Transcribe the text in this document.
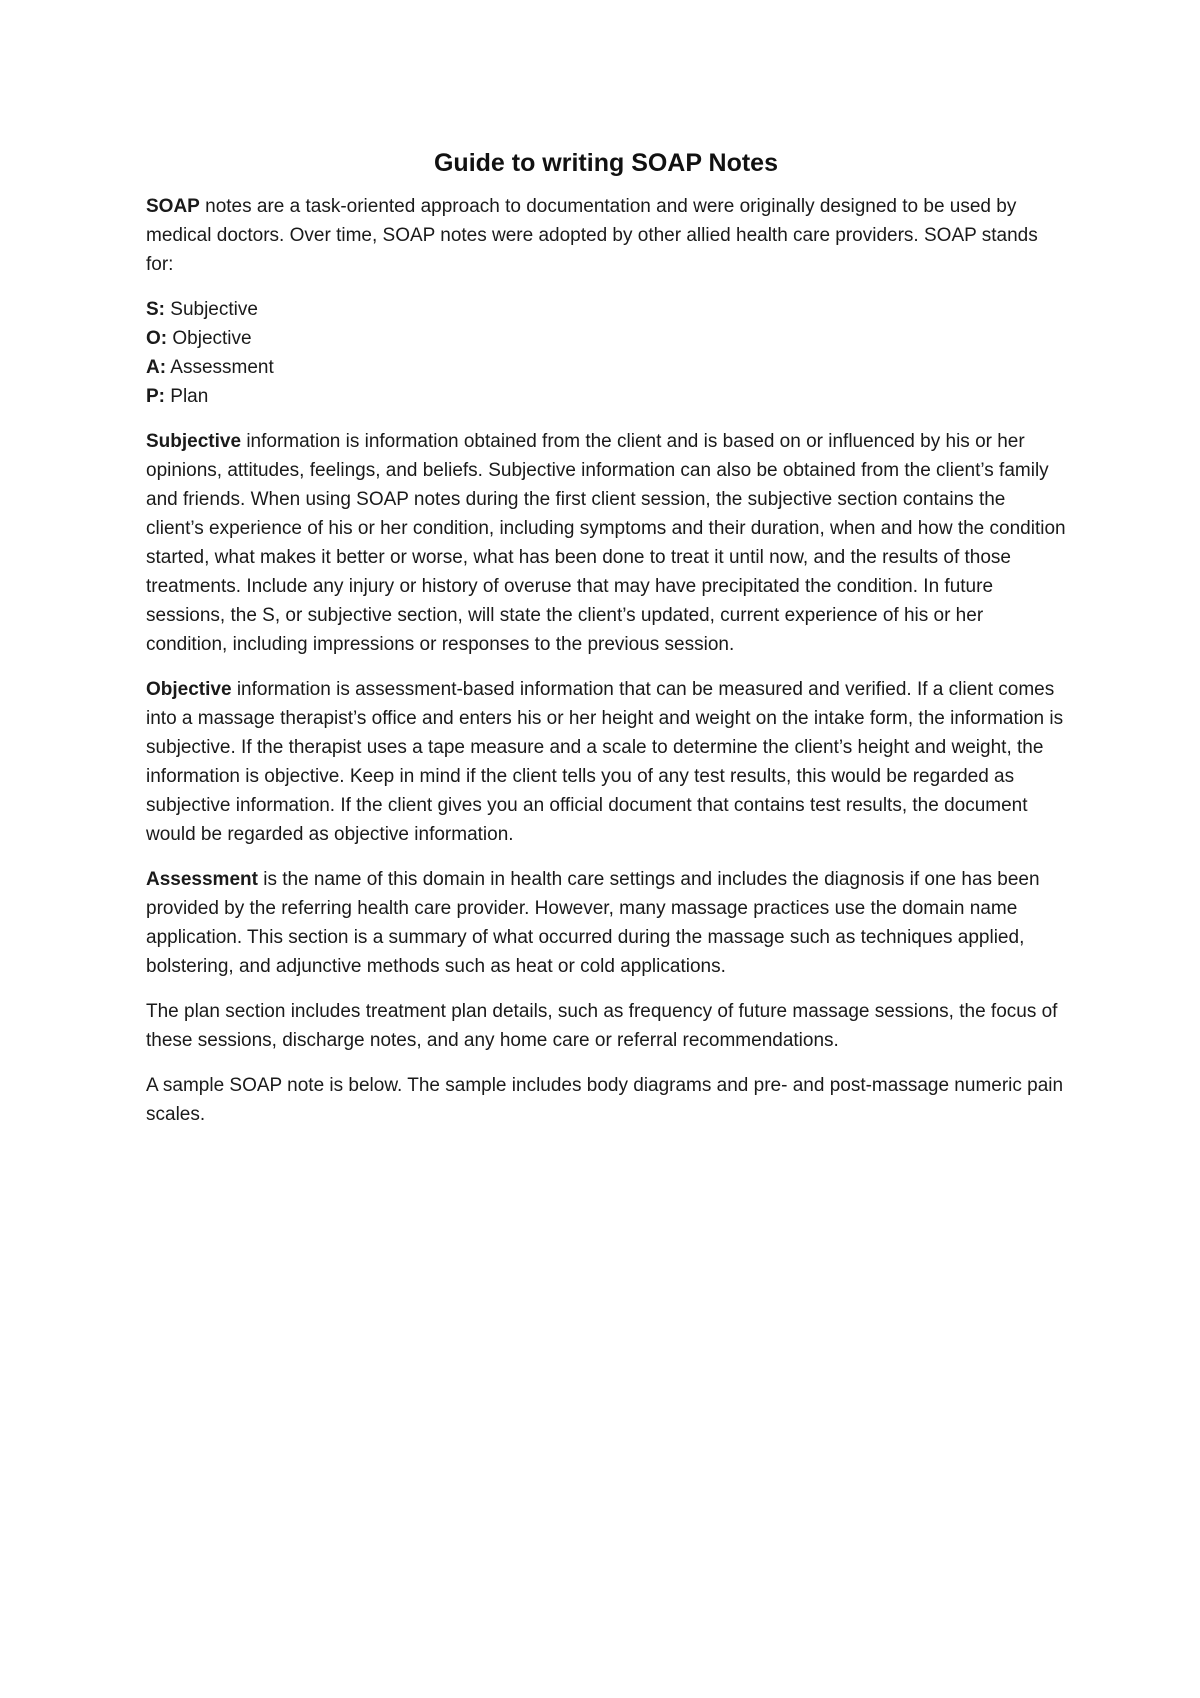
Guide to writing SOAP Notes

SOAP notes are a task-oriented approach to documentation and were originally designed to be used by medical doctors. Over time, SOAP notes were adopted by other allied health care providers. SOAP stands for:

S: Subjective
O: Objective
A: Assessment
P: Plan

Subjective information is information obtained from the client and is based on or influenced by his or her opinions, attitudes, feelings, and beliefs. Subjective information can also be obtained from the client’s family and friends. When using SOAP notes during the first client session, the subjective section contains the client’s experience of his or her condition, including symptoms and their duration, when and how the condition started, what makes it better or worse, what has been done to treat it until now, and the results of those treatments. Include any injury or history of overuse that may have precipitated the condition. In future sessions, the S, or subjective section, will state the client’s updated, current experience of his or her condition, including impressions or responses to the previous session.

Objective information is assessment-based information that can be measured and verified. If a client comes into a massage therapist’s office and enters his or her height and weight on the intake form, the information is subjective. If the therapist uses a tape measure and a scale to determine the client’s height and weight, the information is objective. Keep in mind if the client tells you of any test results, this would be regarded as subjective information. If the client gives you an official document that contains test results, the document would be regarded as objective information.

Assessment is the name of this domain in health care settings and includes the diagnosis if one has been provided by the referring health care provider. However, many massage practices use the domain name application. This section is a summary of what occurred during the massage such as techniques applied, bolstering, and adjunctive methods such as heat or cold applications.

The plan section includes treatment plan details, such as frequency of future massage sessions, the focus of these sessions, discharge notes, and any home care or referral recommendations.

A sample SOAP note is below. The sample includes body diagrams and pre- and post-massage numeric pain scales.
